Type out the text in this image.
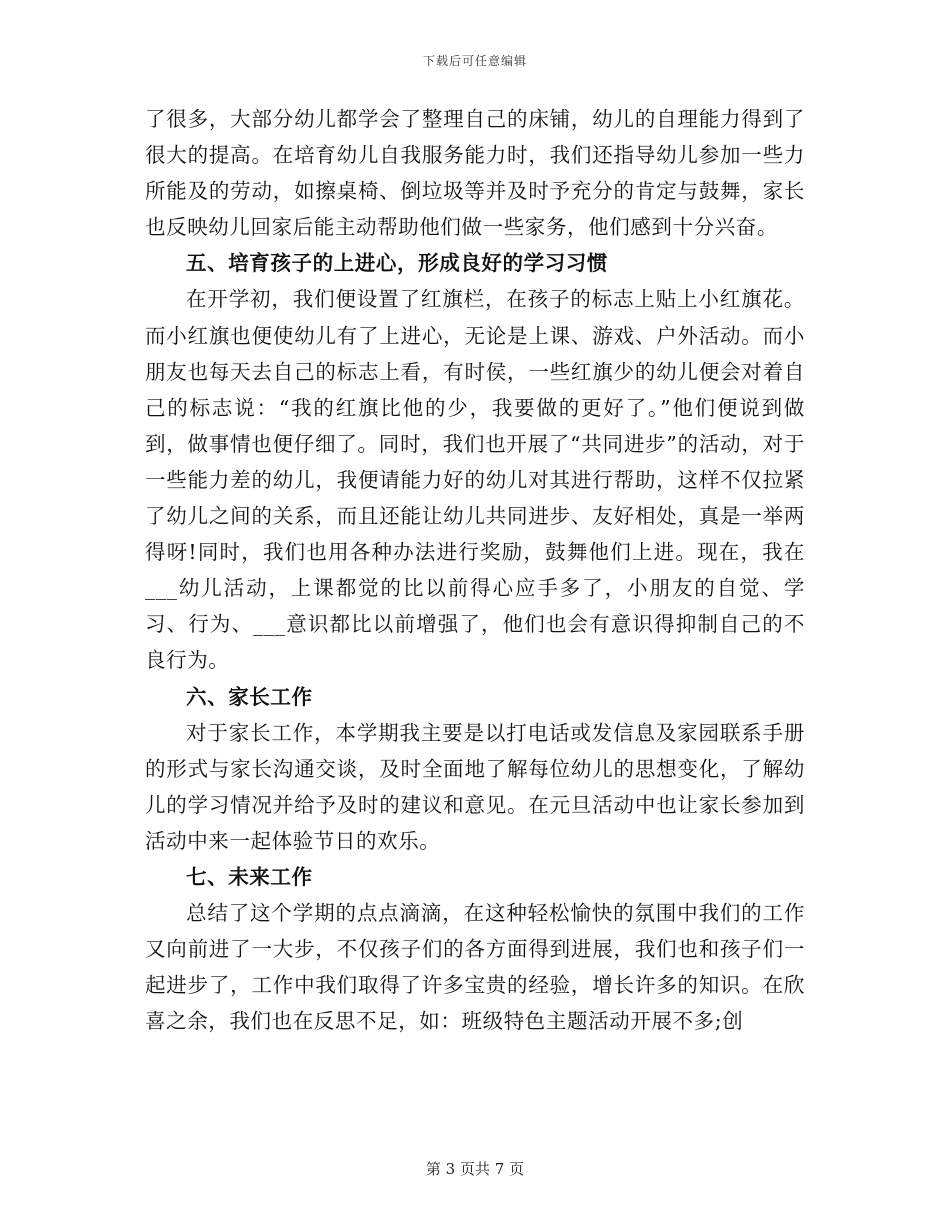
下载后可任意编辑

了很多，大部分幼儿都学会了整理自己的床铺，幼儿的自理能力得到了很大的提高。在培育幼儿自我服务能力时，我们还指导幼儿参加一些力所能及的劳动，如擦桌椅、倒垃圾等并及时予充分的肯定与鼓舞，家长也反映幼儿回家后能主动帮助他们做一些家务，他们感到十分兴奋。

五、培育孩子的上进心，形成良好的学习习惯

在开学初，我们便设置了红旗栏，在孩子的标志上贴上小红旗花。而小红旗也便使幼儿有了上进心，无论是上课、游戏、户外活动。而小朋友也每天去自己的标志上看，有时侯，一些红旗少的幼儿便会对着自己的标志说：“我的红旗比他的少，我要做的更好了。”他们便说到做到，做事情也便仔细了。同时，我们也开展了“共同进步”的活动，对于一些能力差的幼儿，我便请能力好的幼儿对其进行帮助，这样不仅拉紧了幼儿之间的关系，而且还能让幼儿共同进步、友好相处，真是一举两得呀!同时，我们也用各种办法进行奖励，鼓舞他们上进。现在，我在___幼儿活动，上课都觉的比以前得心应手多了，小朋友的自觉、学习、行为、___意识都比以前增强了，他们也会有意识得抑制自己的不良行为。

六、家长工作

对于家长工作，本学期我主要是以打电话或发信息及家园联系手册的形式与家长沟通交谈，及时全面地了解每位幼儿的思想变化，了解幼儿的学习情况并给予及时的建议和意见。在元旦活动中也让家长参加到活动中来一起体验节日的欢乐。

七、未来工作

总结了这个学期的点点滴滴，在这种轻松愉快的氛围中我们的工作又向前进了一大步，不仅孩子们的各方面得到进展，我们也和孩子们一起进步了，工作中我们取得了许多宝贵的经验，增长许多的知识。在欣喜之余，我们也在反思不足，如：班级特色主题活动开展不多;创

第 3 页共 7 页
